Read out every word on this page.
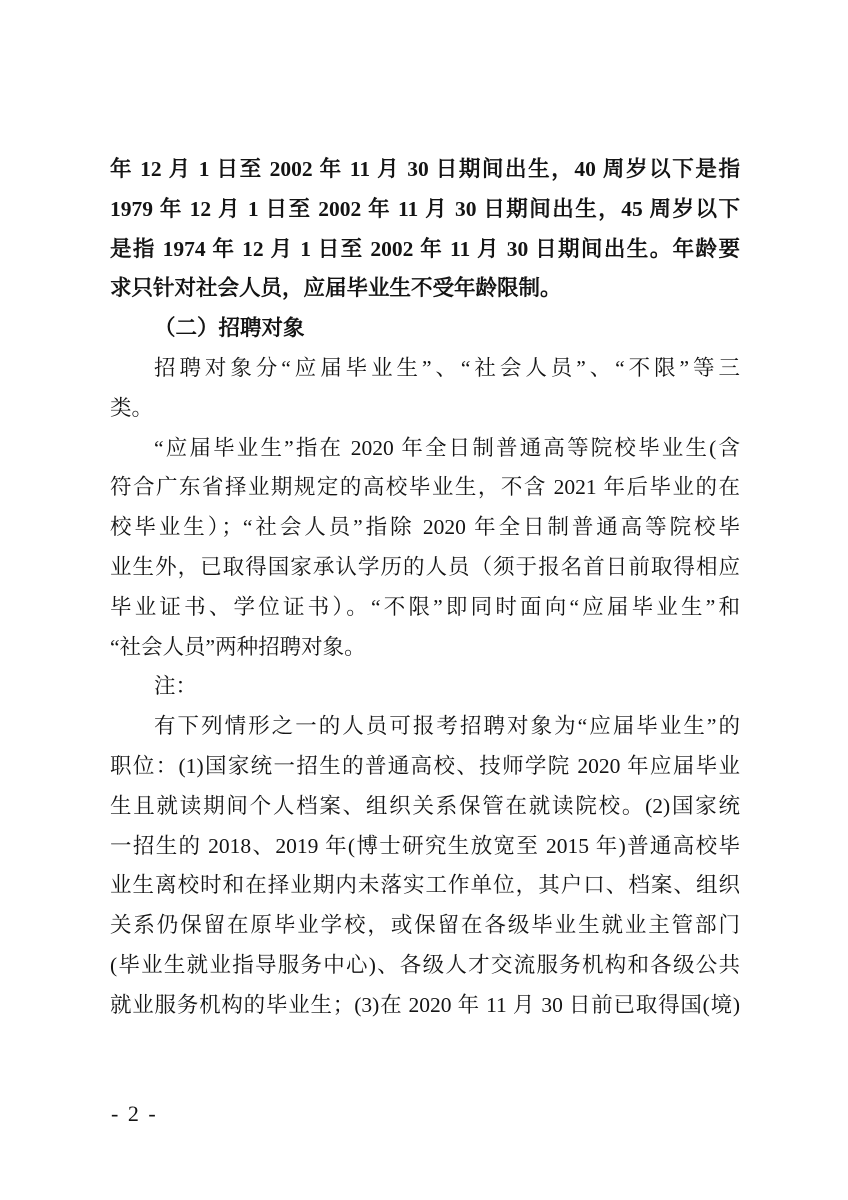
年 12 月 1 日至 2002 年 11 月 30 日期间出生，40 周岁以下是指
1979 年 12 月 1 日至 2002 年 11 月 30 日期间出生，45 周岁以下
是指 1974 年 12 月 1 日至 2002 年 11 月 30 日期间出生。年龄要
求只针对社会人员，应届毕业生不受年龄限制。
（二）招聘对象
招聘对象分“应届毕业生”、“社会人员”、“不限”等三
类。
“应届毕业生”指在 2020 年全日制普通高等院校毕业生(含
符合广东省择业期规定的高校毕业生，不含 2021 年后毕业的在
校毕业生）；“社会人员”指除 2020 年全日制普通高等院校毕
业生外，已取得国家承认学历的人员（须于报名首日前取得相应
毕业证书、学位证书）。“不限”即同时面向“应届毕业生”和
“社会人员”两种招聘对象。
注：
有下列情形之一的人员可报考招聘对象为“应届毕业生”的
职位：(1)国家统一招生的普通高校、技师学院 2020 年应届毕业
生且就读期间个人档案、组织关系保管在就读院校。(2)国家统
一招生的 2018、2019 年(博士研究生放宽至 2015 年)普通高校毕
业生离校时和在择业期内未落实工作单位，其户口、档案、组织
关系仍保留在原毕业学校，或保留在各级毕业生就业主管部门
(毕业生就业指导服务中心)、各级人才交流服务机构和各级公共
就业服务机构的毕业生；(3)在 2020 年 11 月 30 日前已取得国(境)
- 2 -
